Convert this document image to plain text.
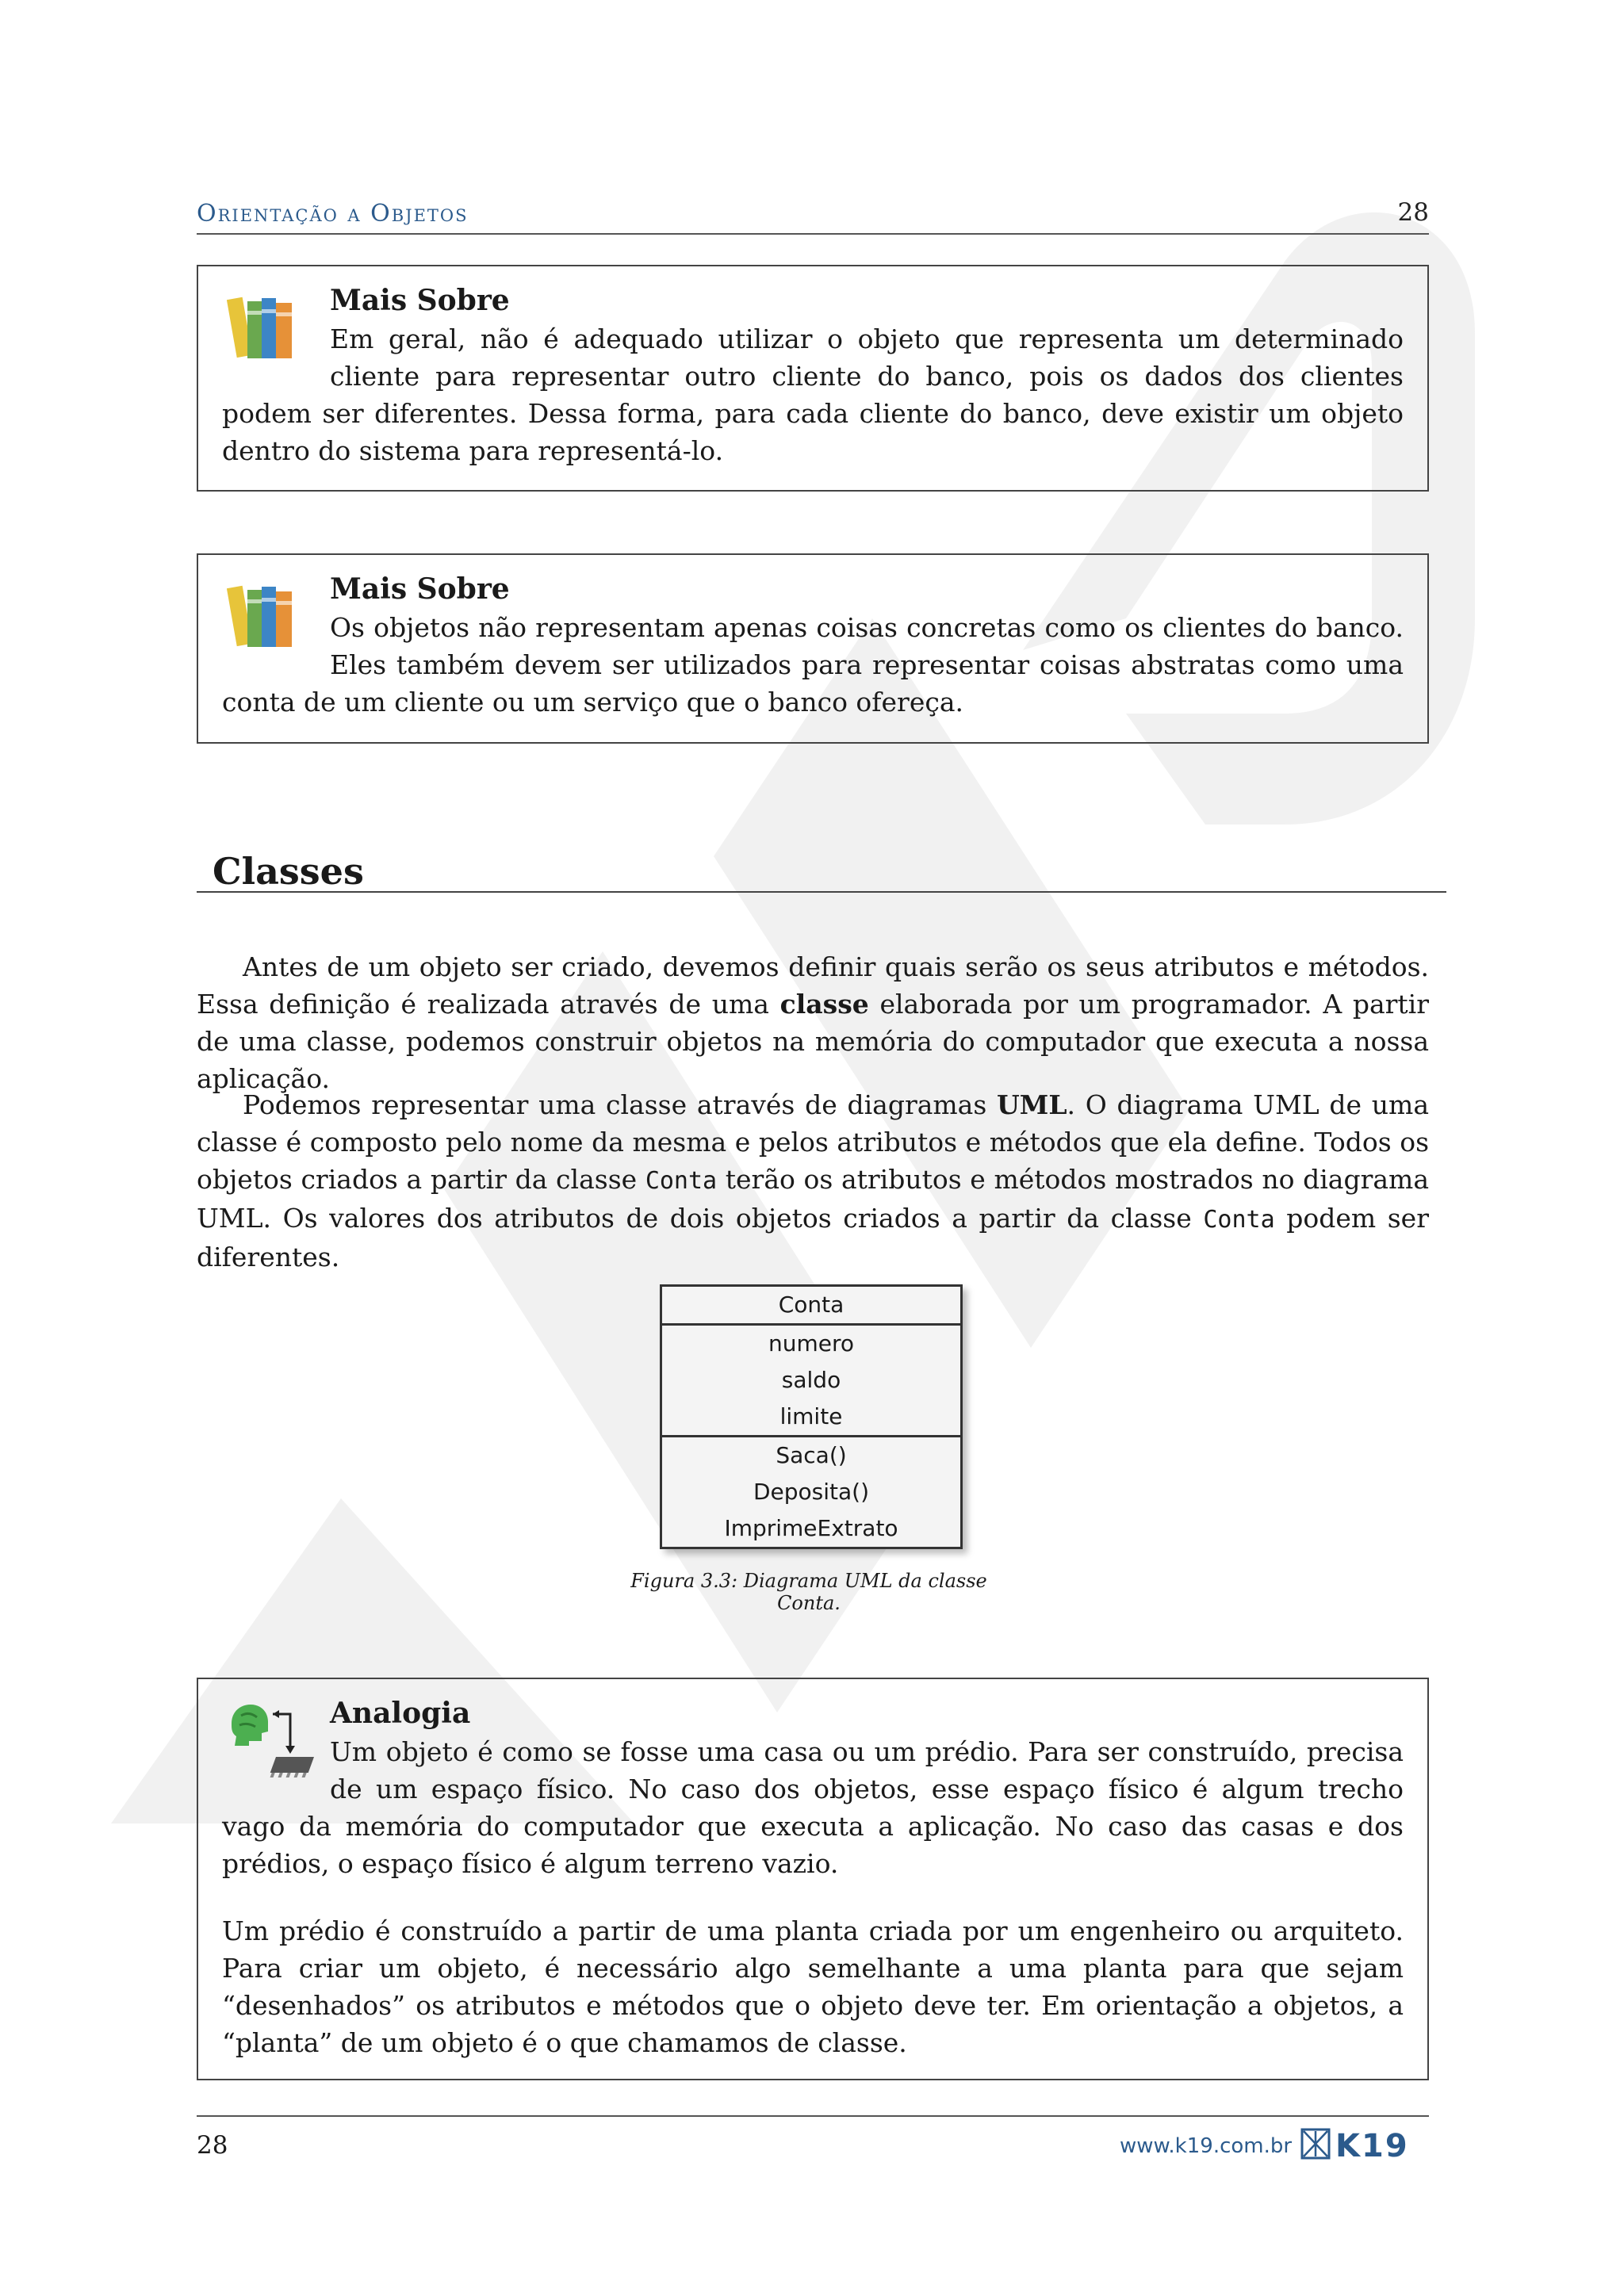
Orientação a Objetos	28
Mais Sobre
Em geral, não é adequado utilizar o objeto que representa um determinado cliente para representar outro cliente do banco, pois os dados dos clientes podem ser diferentes. Dessa forma, para cada cliente do banco, deve existir um objeto dentro do sistema para representá-lo.
Mais Sobre
Os objetos não representam apenas coisas concretas como os clientes do banco. Eles também devem ser utilizados para representar coisas abstratas como uma conta de um cliente ou um serviço que o banco ofereça.
Classes

Antes de um objeto ser criado, devemos definir quais serão os seus atributos e métodos. Essa definição é realizada através de uma classe elaborada por um programador. A partir de uma classe, podemos construir objetos na memória do computador que executa a nossa aplicação.

Podemos representar uma classe através de diagramas UML. O diagrama UML de uma classe é composto pelo nome da mesma e pelos atributos e métodos que ela define. Todos os objetos criados a partir da classe Conta terão os atributos e métodos mostrados no diagrama UML. Os valores dos atributos de dois objetos criados a partir da classe Conta podem ser diferentes.

Conta
numero
saldo
limite
Saca()
Deposita()
ImprimeExtrato
Figura 3.3: Diagrama UML da classe Conta.
Analogia
Um objeto é como se fosse uma casa ou um prédio. Para ser construído, precisa de um espaço físico. No caso dos objetos, esse espaço físico é algum trecho vago da memória do computador que executa a aplicação. No caso das casas e dos prédios, o espaço físico é algum terreno vazio.
Um prédio é construído a partir de uma planta criada por um engenheiro ou arquiteto. Para criar um objeto, é necessário algo semelhante a uma planta para que sejam “desenhados” os atributos e métodos que o objeto deve ter. Em orientação a objetos, a “planta” de um objeto é o que chamamos de classe.
28	www.k19.com.br K19
